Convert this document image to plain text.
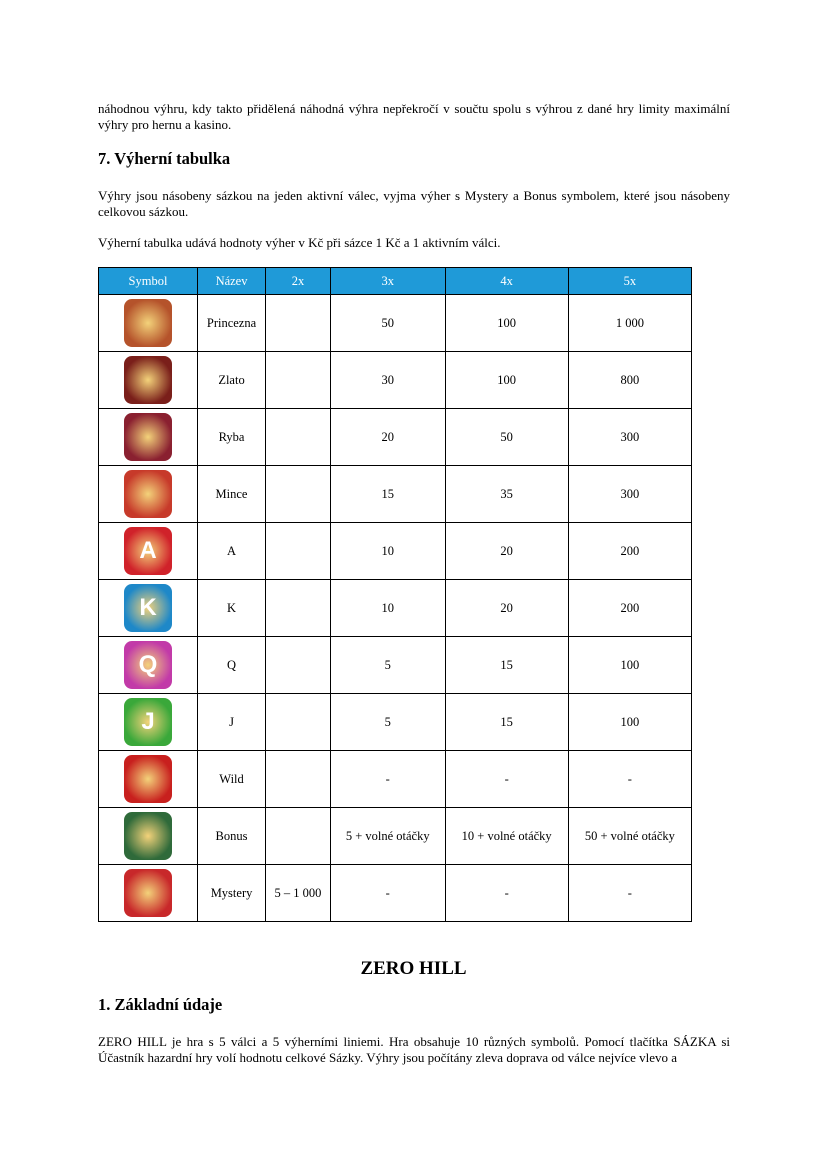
náhodnou výhru, kdy takto přidělená náhodná výhra nepřekročí v součtu spolu s výhrou z dané hry limity maximální výhry pro hernu a kasino.

7. Výherní tabulka

Výhry jsou násobeny sázkou na jeden aktivní válec, vyjma výher s Mystery a Bonus symbolem, které jsou násobeny celkovou sázkou.

Výherní tabulka udává hodnoty výher v Kč při sázce 1 Kč a 1 aktivním válci.

Symbol	Název	2x	3x	4x	5x
	Princezna		50	100	1 000
	Zlato		30	100	800
	Ryba		20	50	300
	Mince		15	35	300
A	A		10	20	200
K	K		10	20	200
Q	Q		5	15	100
J	J		5	15	100
	Wild		-	-	-
	Bonus		5 + volné otáčky	10 + volné otáčky	50 + volné otáčky
	Mystery	5 – 1 000	-	-	-
ZERO HILL
1. Základní údaje

ZERO HILL je hra s 5 válci a 5 výherními liniemi. Hra obsahuje 10 různých symbolů. Pomocí tlačítka SÁZKA si Účastník hazardní hry volí hodnotu celkové Sázky. Výhry jsou počítány zleva doprava od válce nejvíce vlevo a
